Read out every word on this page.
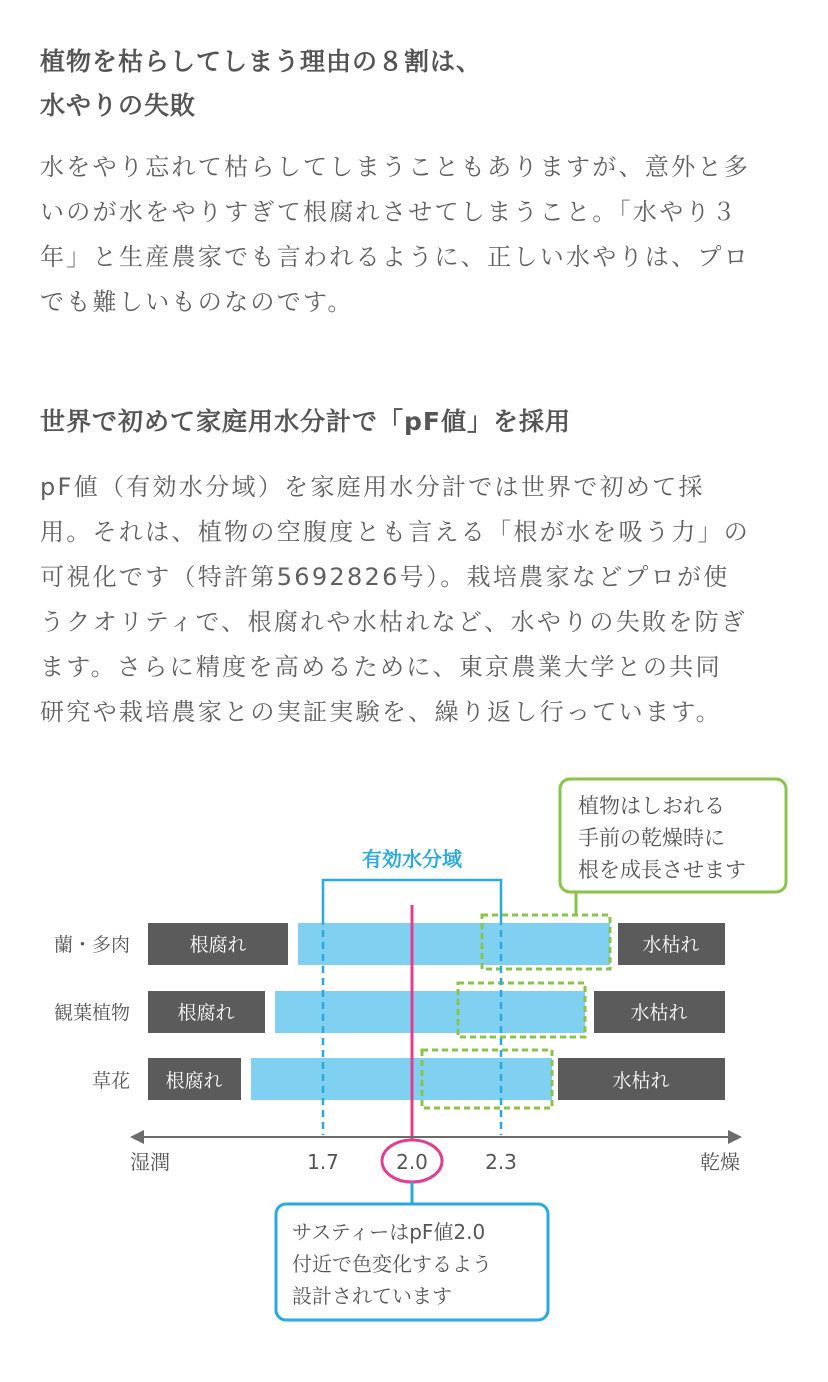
植物を枯らしてしまう理由の８割は、
水やりの失敗

水をやり忘れて枯らしてしまうこともありますが、意外と多
いのが水をやりすぎて根腐れさせてしまうこと。「水やり３
年」と生産農家でも言われるように、正しい水やりは、プロ
でも難しいものなのです。

世界で初めて家庭用水分計で「pF値」を採用

pF値（有効水分域）を家庭用水分計では世界で初めて採
用。それは、植物の空腹度とも言える「根が水を吸う力」の
可視化です（特許第5692826号）。栽培農家などプロが使
うクオリティで、根腐れや水枯れなど、水やりの失敗を防ぎ
ます。さらに精度を高めるために、東京農業大学との共同
研究や栽培農家との実証実験を、繰り返し行っています。

植物はしおれる
手前の乾燥時に
根を成長させます
有効水分域
蘭・多肉	根腐れ	水枯れ
観葉植物 根腐れ	水枯れ
草花 根腐れ	水枯れ
湿潤	乾燥
1.7	2.3
2.0
サスティーはpF値2.0
付近で色変化するよう
設計されています
